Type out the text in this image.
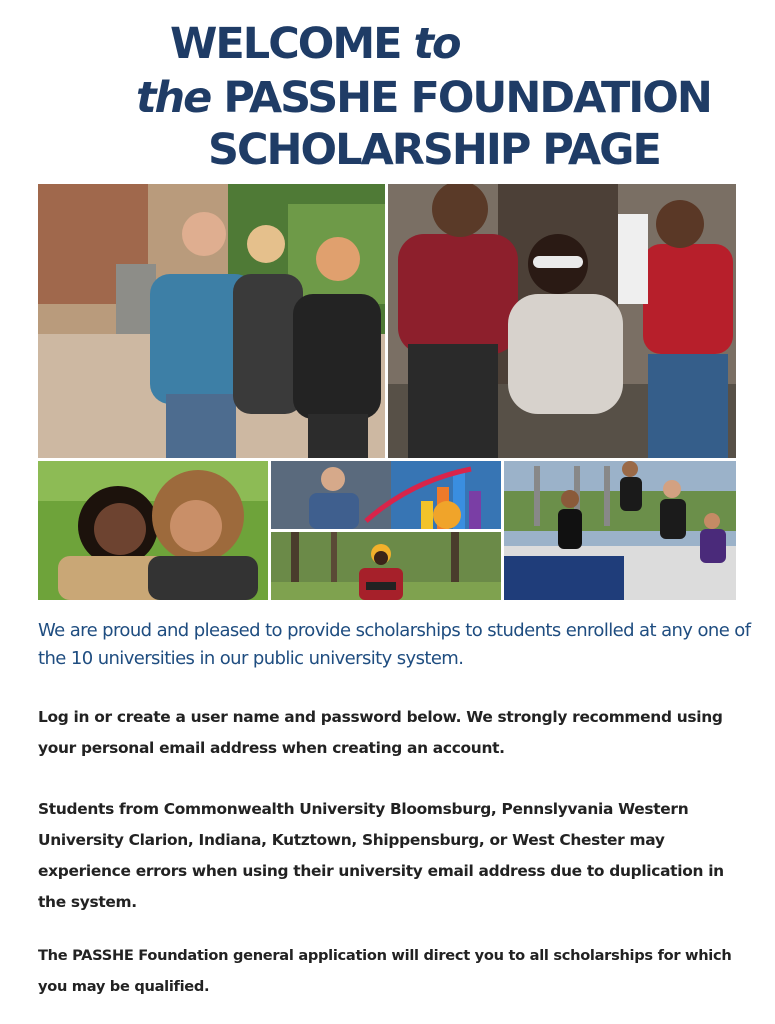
WELCOME to
the PASSHE FOUNDATION
SCHOLARSHIP PAGE

We are proud and pleased to provide scholarships to students enrolled at any one of the 10 universities in our public university system.

Log in or create a user name and password below. We strongly recommend using your personal email address when creating an account.

Students from Commonwealth University Bloomsburg, Pennslyvania Western University Clarion, Indiana, Kutztown, Shippensburg, or West Chester may experience errors when using their university email address due to duplication in the system.

The PASSHE Foundation general application will direct you to all scholarships for which you may be qualified.
